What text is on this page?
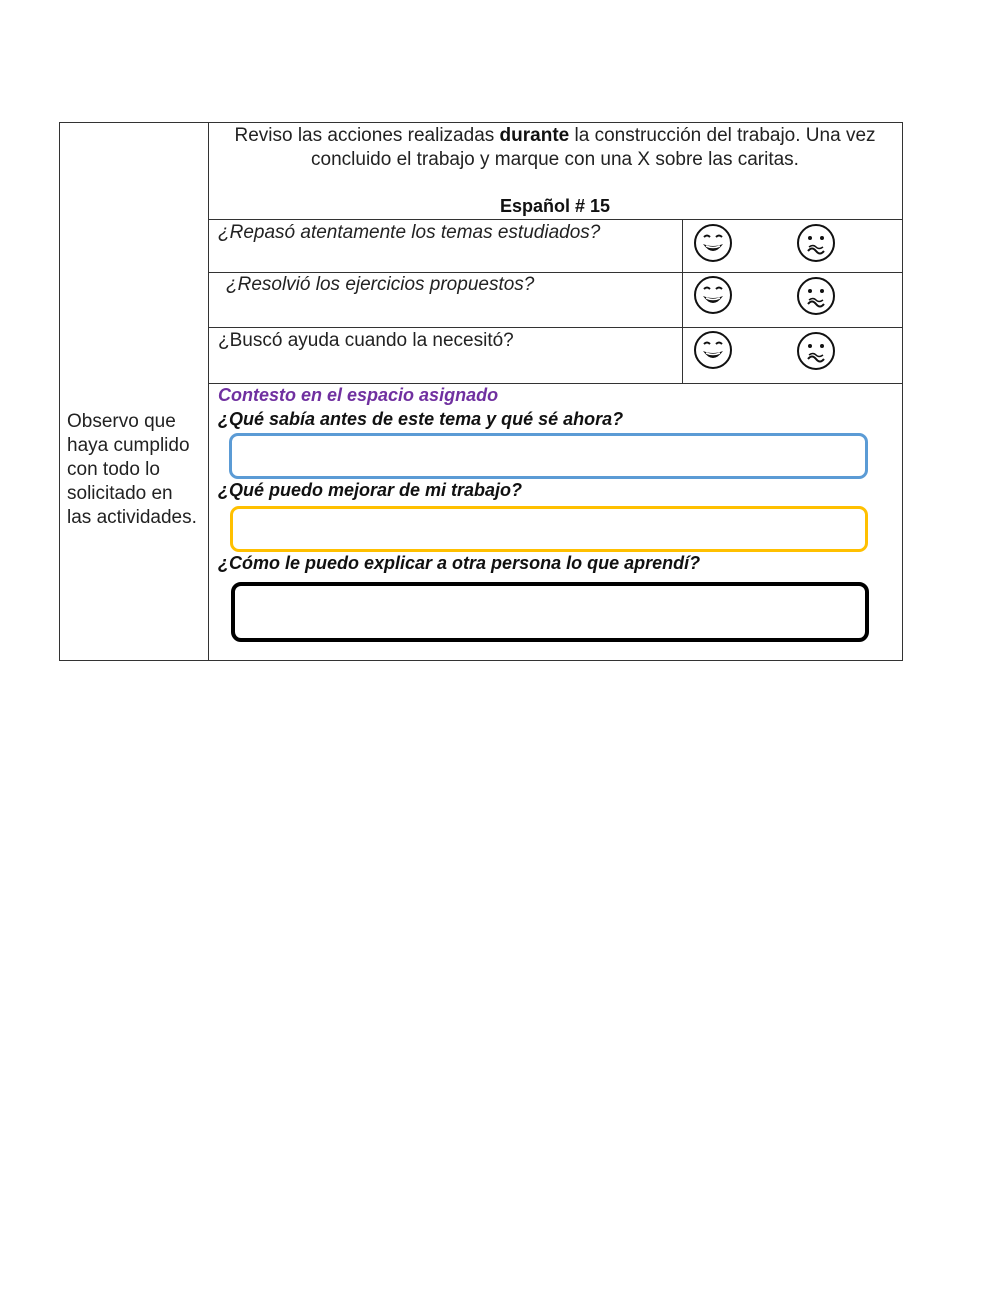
Observo que haya cumplido con todo lo solicitado en las actividades.
Reviso las acciones realizadas durante la construcción del trabajo. Una vez concluido el trabajo y marque con una X sobre las caritas.
Español # 15
¿Repasó atentamente los temas estudiados?
¿Resolvió los ejercicios propuestos?
¿Buscó ayuda cuando la necesitó?
Contesto en el espacio asignado
¿Qué sabía antes de este tema y qué sé ahora?
¿Qué puedo mejorar de mi trabajo?
¿Cómo le puedo explicar a otra persona lo que aprendí?
